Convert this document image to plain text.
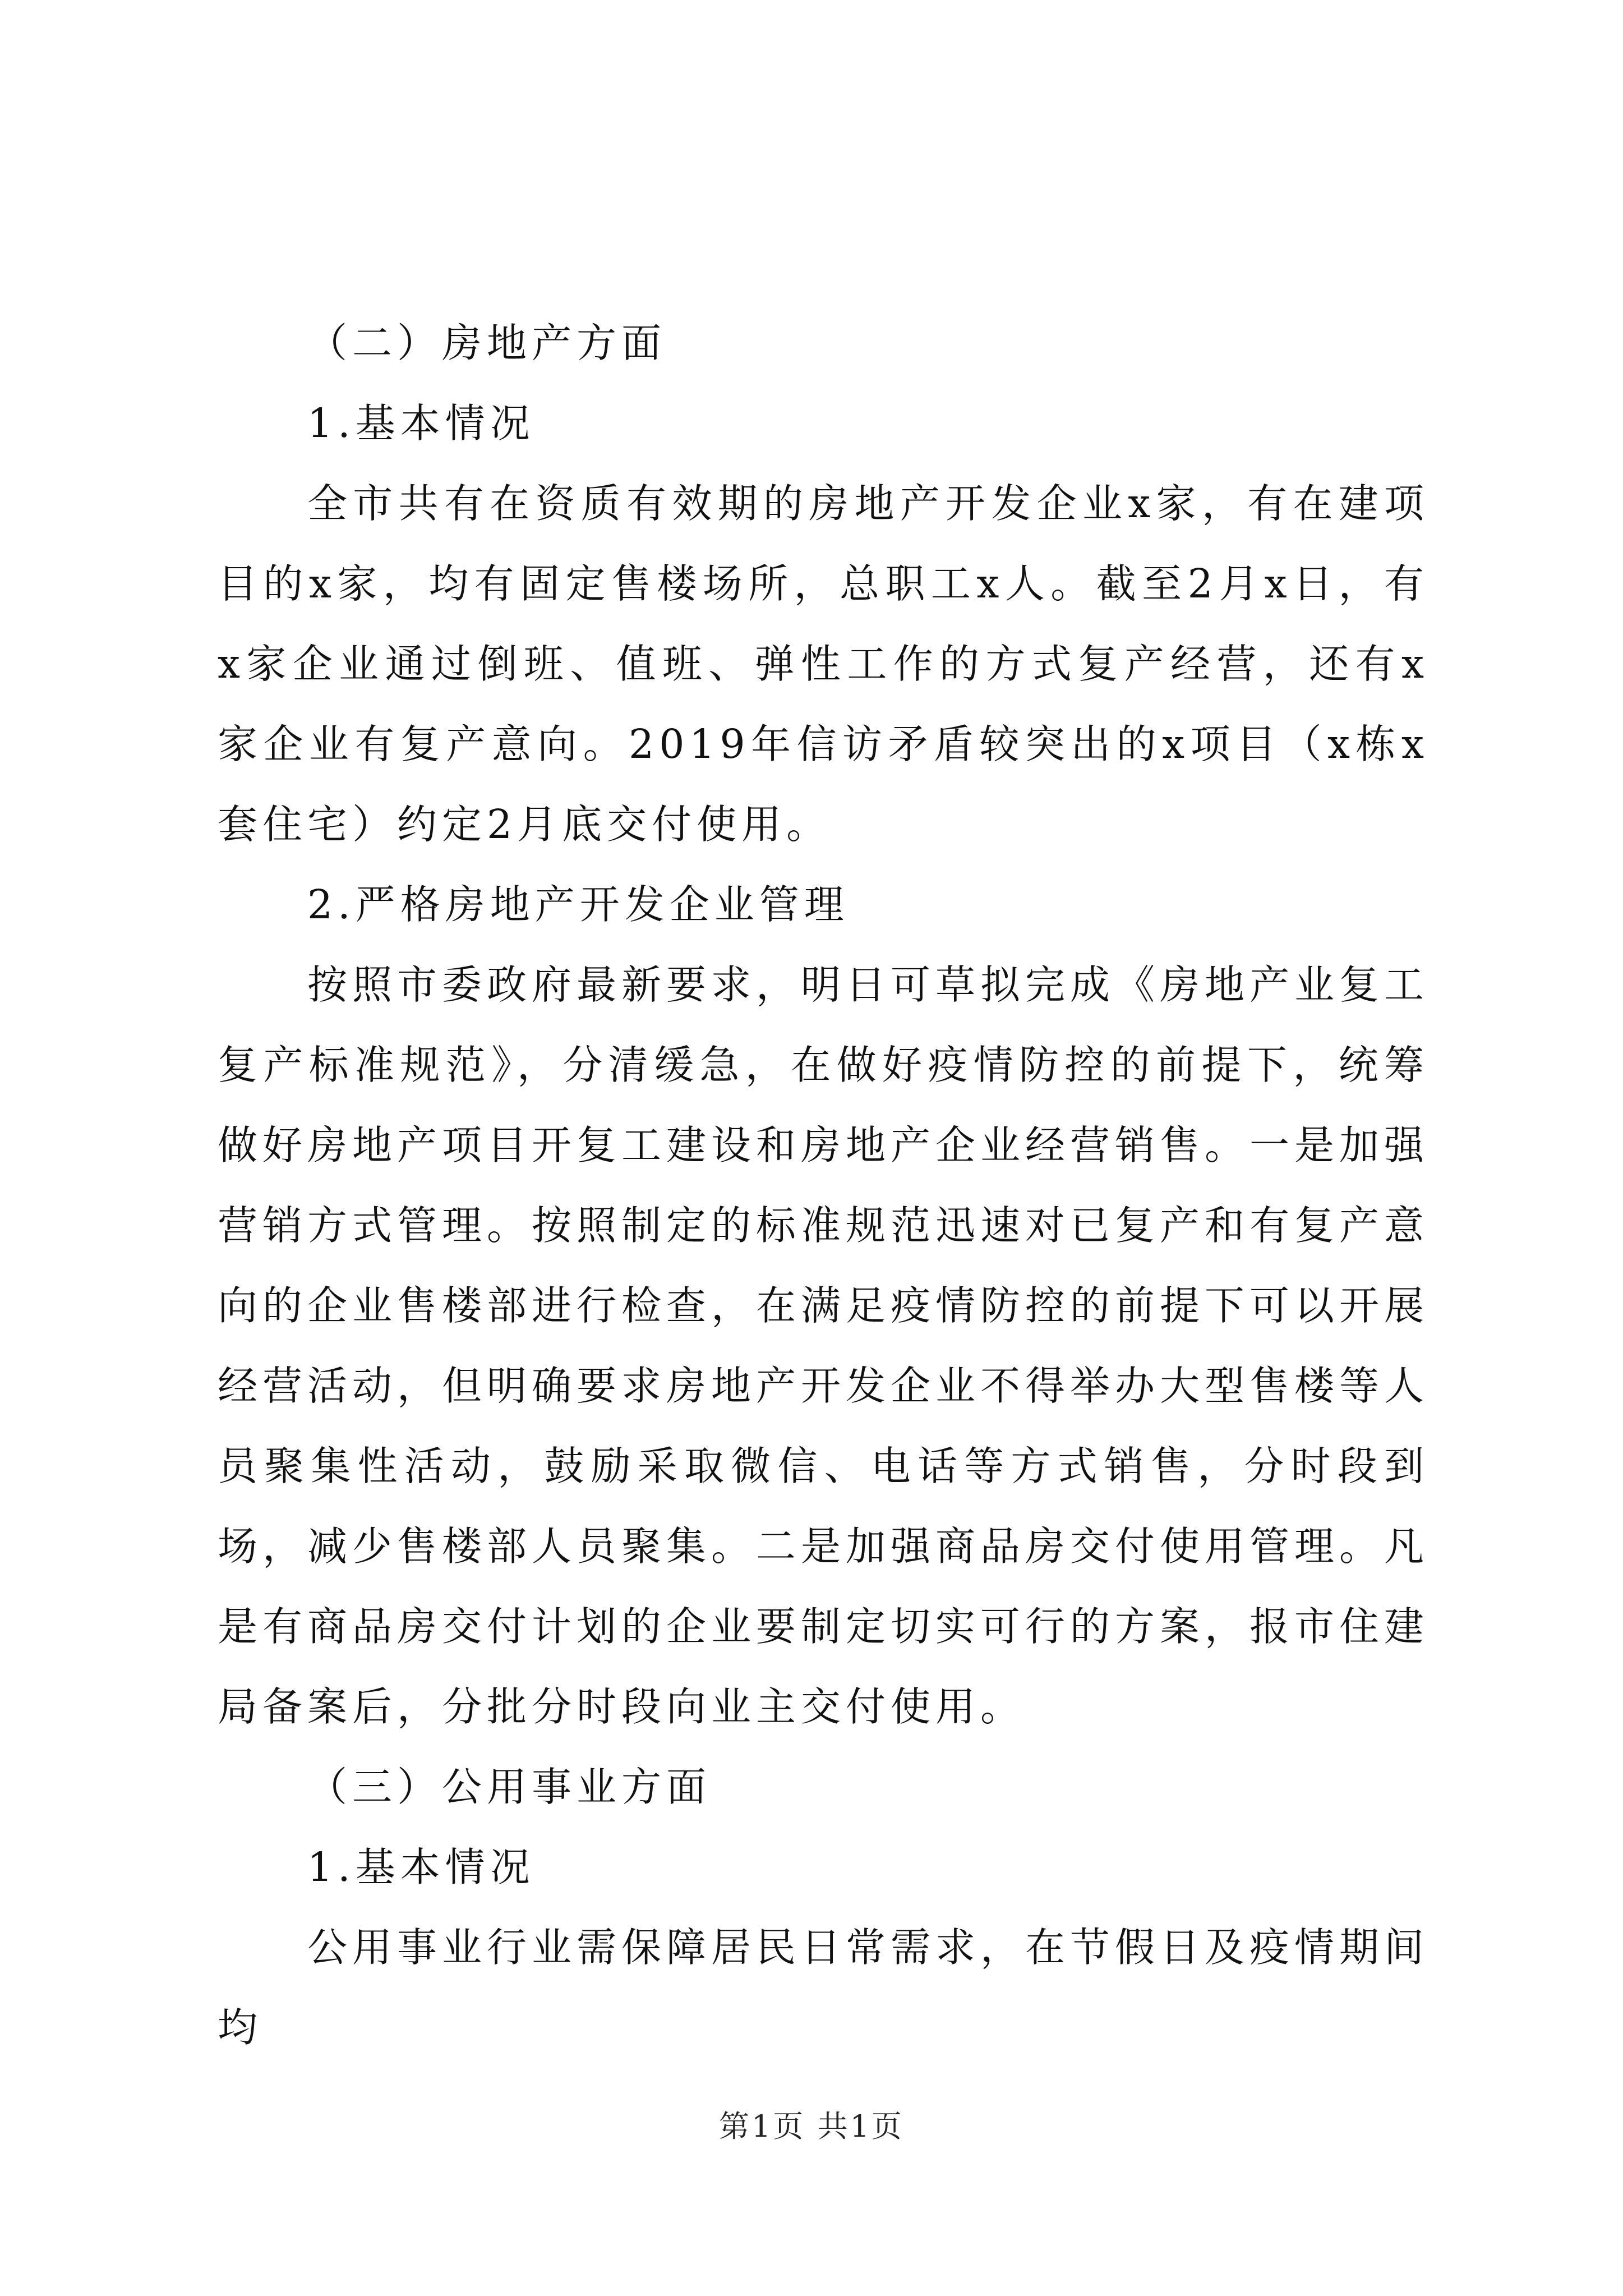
（二）房地产方面

1.基本情况

全市共有在资质有效期的房地产开发企业x家，有在建项目的x家，均有固定售楼场所，总职工x人。截至2月x日，有x家企业通过倒班、值班、弹性工作的方式复产经营，还有x家企业有复产意向。2019年信访矛盾较突出的x项目（x栋x套住宅）约定2月底交付使用。

2.严格房地产开发企业管理

按照市委政府最新要求，明日可草拟完成《房地产业复工复产标准规范》，分清缓急，在做好疫情防控的前提下，统筹做好房地产项目开复工建设和房地产企业经营销售。一是加强营销方式管理。按照制定的标准规范迅速对已复产和有复产意向的企业售楼部进行检查，在满足疫情防控的前提下可以开展经营活动，但明确要求房地产开发企业不得举办大型售楼等人员聚集性活动，鼓励采取微信、电话等方式销售，分时段到场，减少售楼部人员聚集。二是加强商品房交付使用管理。凡是有商品房交付计划的企业要制定切实可行的方案，报市住建局备案后，分批分时段向业主交付使用。

（三）公用事业方面

1.基本情况

公用事业行业需保障居民日常需求，在节假日及疫情期间均

第1页 共1页
